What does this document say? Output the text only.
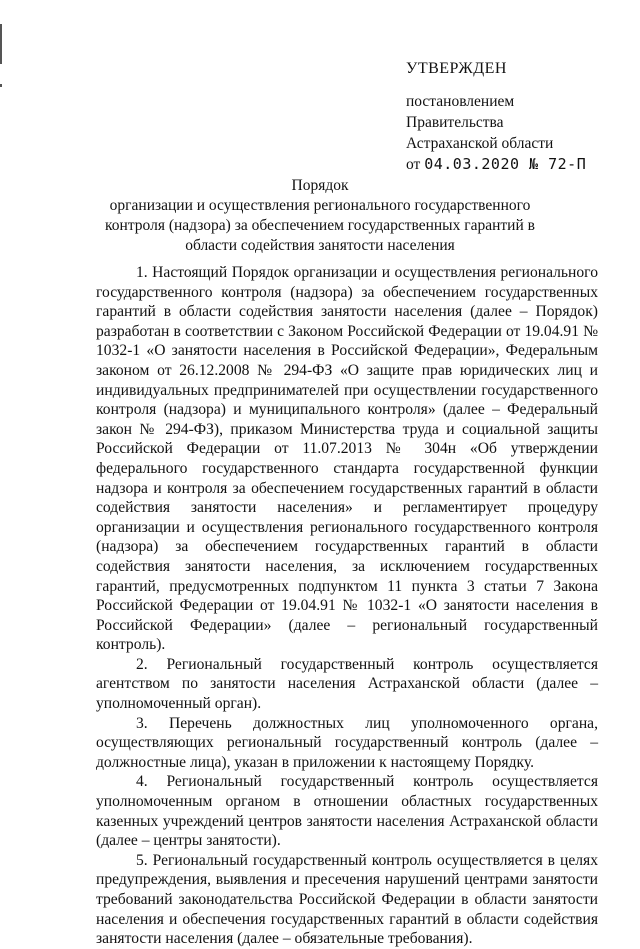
УТВЕРЖДЕН
постановлением
Правительства
Астраханской области
от 04.03.2020 № 72-П
Порядок
организации и осуществления регионального государственного контроля (надзора) за обеспечением государственных гарантий в области содействия занятости населения

1. Настоящий Порядок организации и осуществления регионального государственного контроля (надзора) за обеспечением государственных гарантий в области содействия занятости населения (далее – Порядок) разработан в соответствии с Законом Российской Федерации от 19.04.91 № 1032-1 «О занятости населения в Российской Федерации», Федеральным законом от 26.12.2008 № 294-ФЗ «О защите прав юридических лиц и индивидуальных предпринимателей при осуществлении государственного контроля (надзора) и муниципального контроля» (далее – Федеральный закон № 294-ФЗ), приказом Министерства труда и социальной защиты Российской Федерации от 11.07.2013 № 304н «Об утверждении федерального государственного стандарта государственной функции надзора и контроля за обеспечением государственных гарантий в области содействия занятости населения» и регламентирует процедуру организации и осуществления регионального государственного контроля (надзора) за обеспечением государственных гарантий в области содействия занятости населения, за исключением государственных гарантий, предусмотренных подпунктом 11 пункта 3 статьи 7 Закона Российской Федерации от 19.04.91 № 1032-1 «О занятости населения в Российской Федерации» (далее – региональный государственный контроль).

2. Региональный государственный контроль осуществляется агентством по занятости населения Астраханской области (далее – уполномоченный орган).

3. Перечень должностных лиц уполномоченного органа, осуществляющих региональный государственный контроль (далее – должностные лица), указан в приложении к настоящему Порядку.

4. Региональный государственный контроль осуществляется уполномоченным органом в отношении областных государственных казенных учреждений центров занятости населения Астраханской области (далее – центры занятости).

5. Региональный государственный контроль осуществляется в целях предупреждения, выявления и пресечения нарушений центрами занятости требований законодательства Российской Федерации в области занятости населения и обеспечения государственных гарантий в области содействия занятости населения (далее – обязательные требования).
